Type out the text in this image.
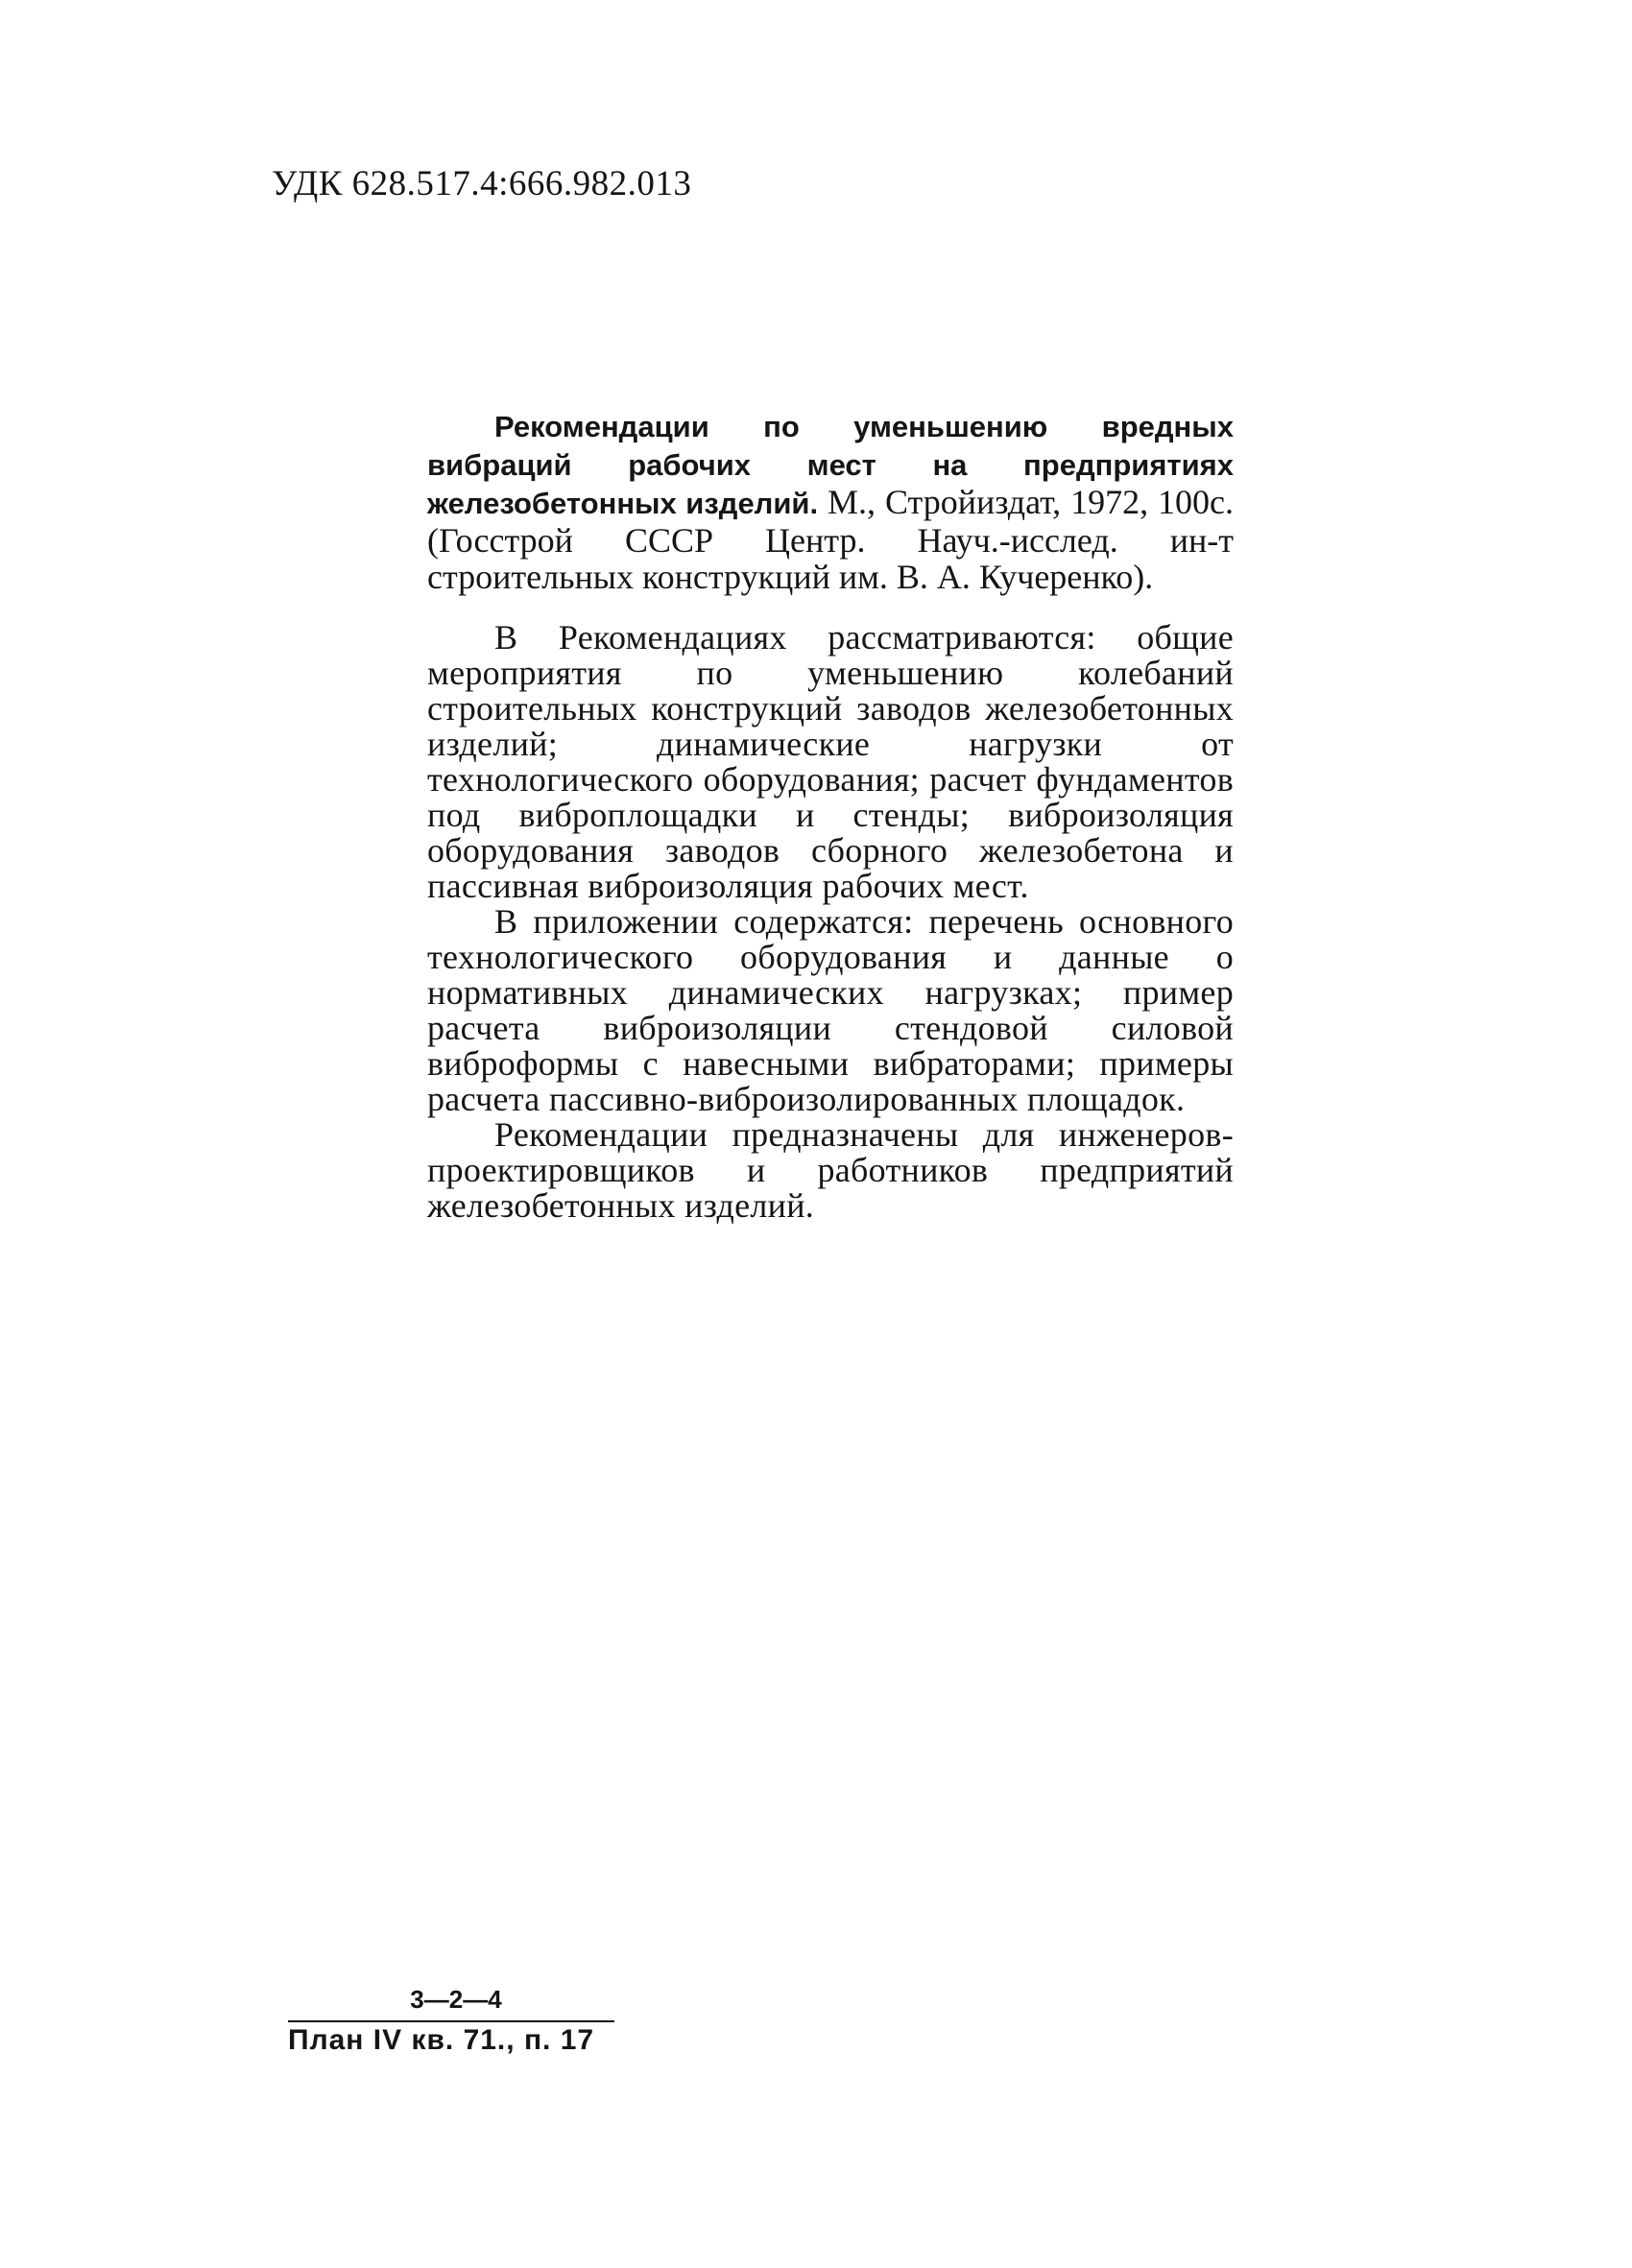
УДК 628.517.4:666.982.013

Рекомендации по уменьшению вредных вибраций рабочих мест на предприятиях железобетонных изделий. М., Стройиздат, 1972, 100с. (Госстрой СССР Центр. Науч.-исслед. ин-т строительных конструкций им. В. А. Кучеренко).

В Рекомендациях рассматриваются: общие мероприятия по уменьшению колебаний строительных конструкций заводов железобетонных изделий; динамические нагрузки от технологического оборудования; расчет фундаментов под виброплощадки и стенды; виброизоляция оборудования заводов сборного железобетона и пассивная виброизоляция рабочих мест.

В приложении содержатся: перечень основного технологического оборудования и данные о нормативных динамических нагрузках; пример расчета виброизоляции стендовой силовой виброформы с навесными вибраторами; примеры расчета пассивно-виброизолированных площадок.

Рекомендации предназначены для инженеров-проектировщиков и работников предприятий железобетонных изделий.

3—2—4
План IV кв. 71., п. 17
